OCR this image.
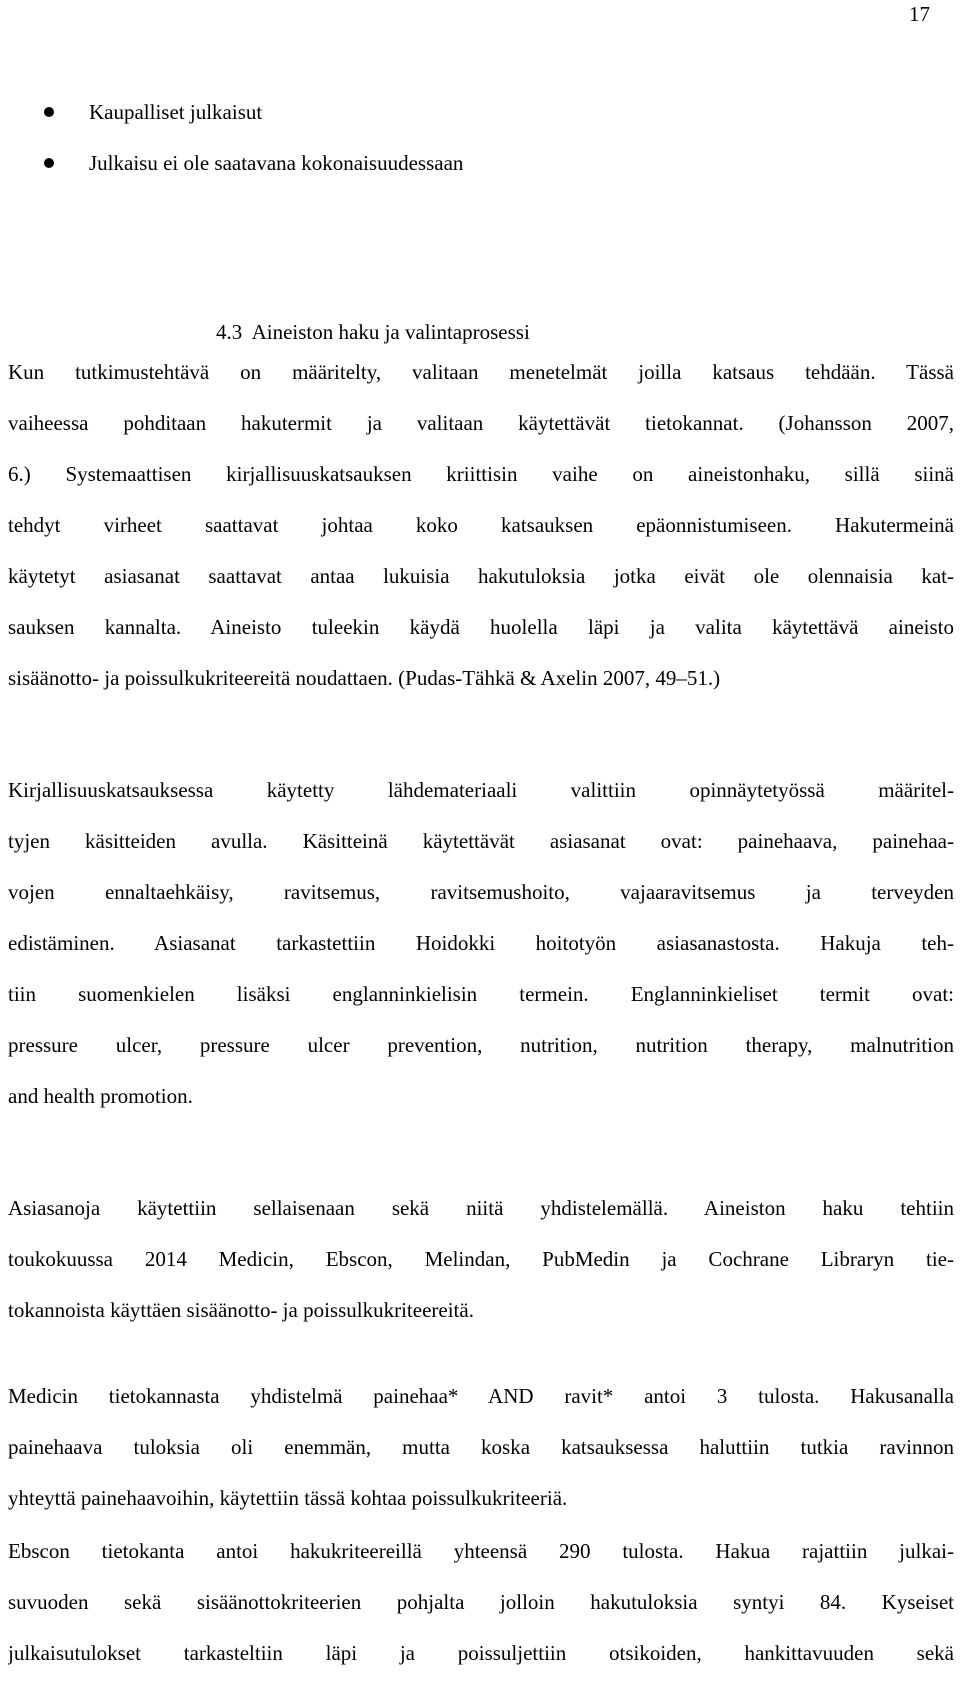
17
Kaupalliset julkaisut
Julkaisu ei ole saatavana kokonaisuudessaan
4.3  Aineiston haku ja valintaprosessi
Kun tutkimustehtävä on määritelty, valitaan menetelmät joilla katsaus tehdään. Tässä
vaiheessa pohditaan hakutermit ja valitaan käytettävät tietokannat. (Johansson 2007,
6.) Systemaattisen kirjallisuuskatsauksen kriittisin vaihe on aineistonhaku, sillä siinä
tehdyt virheet saattavat johtaa koko katsauksen epäonnistumiseen. Hakutermeinä
käytetyt asiasanat saattavat antaa lukuisia hakutuloksia jotka eivät ole olennaisia kat-
sauksen kannalta. Aineisto tuleekin käydä huolella läpi ja valita käytettävä aineisto
sisäänotto- ja poissulkukriteereitä noudattaen. (Pudas-Tähkä & Axelin 2007, 49–51.)
Kirjallisuuskatsauksessa käytetty lähdemateriaali valittiin opinnäytetyössä määritel-
tyjen käsitteiden avulla. Käsitteinä käytettävät asiasanat ovat: painehaava, painehaa-
vojen ennaltaehkäisy, ravitsemus, ravitsemushoito, vajaaravitsemus ja terveyden
edistäminen. Asiasanat tarkastettiin Hoidokki hoitotyön asiasanastosta. Hakuja teh-
tiin suomenkielen lisäksi englanninkielisin termein. Englanninkieliset termit ovat:
pressure ulcer, pressure ulcer prevention, nutrition, nutrition therapy, malnutrition
and health promotion.
Asiasanoja käytettiin sellaisenaan sekä niitä yhdistelemällä. Aineiston haku tehtiin
toukokuussa 2014 Medicin, Ebscon, Melindan, PubMedin ja Cochrane Libraryn tie-
tokannoista käyttäen sisäänotto- ja poissulkukriteereitä.
Medicin tietokannasta yhdistelmä painehaa* AND ravit* antoi 3 tulosta. Hakusanalla
painehaava tuloksia oli enemmän, mutta koska katsauksessa haluttiin tutkia ravinnon
yhteyttä painehaavoihin, käytettiin tässä kohtaa poissulkukriteeriä.
Ebscon tietokanta antoi hakukriteereillä yhteensä 290 tulosta. Hakua rajattiin julkai-
suvuoden sekä sisäänottokriteerien pohjalta jolloin hakutuloksia syntyi 84. Kyseiset
julkaisutulokset tarkasteltiin läpi ja poissuljettiin otsikoiden, hankittavuuden sekä
